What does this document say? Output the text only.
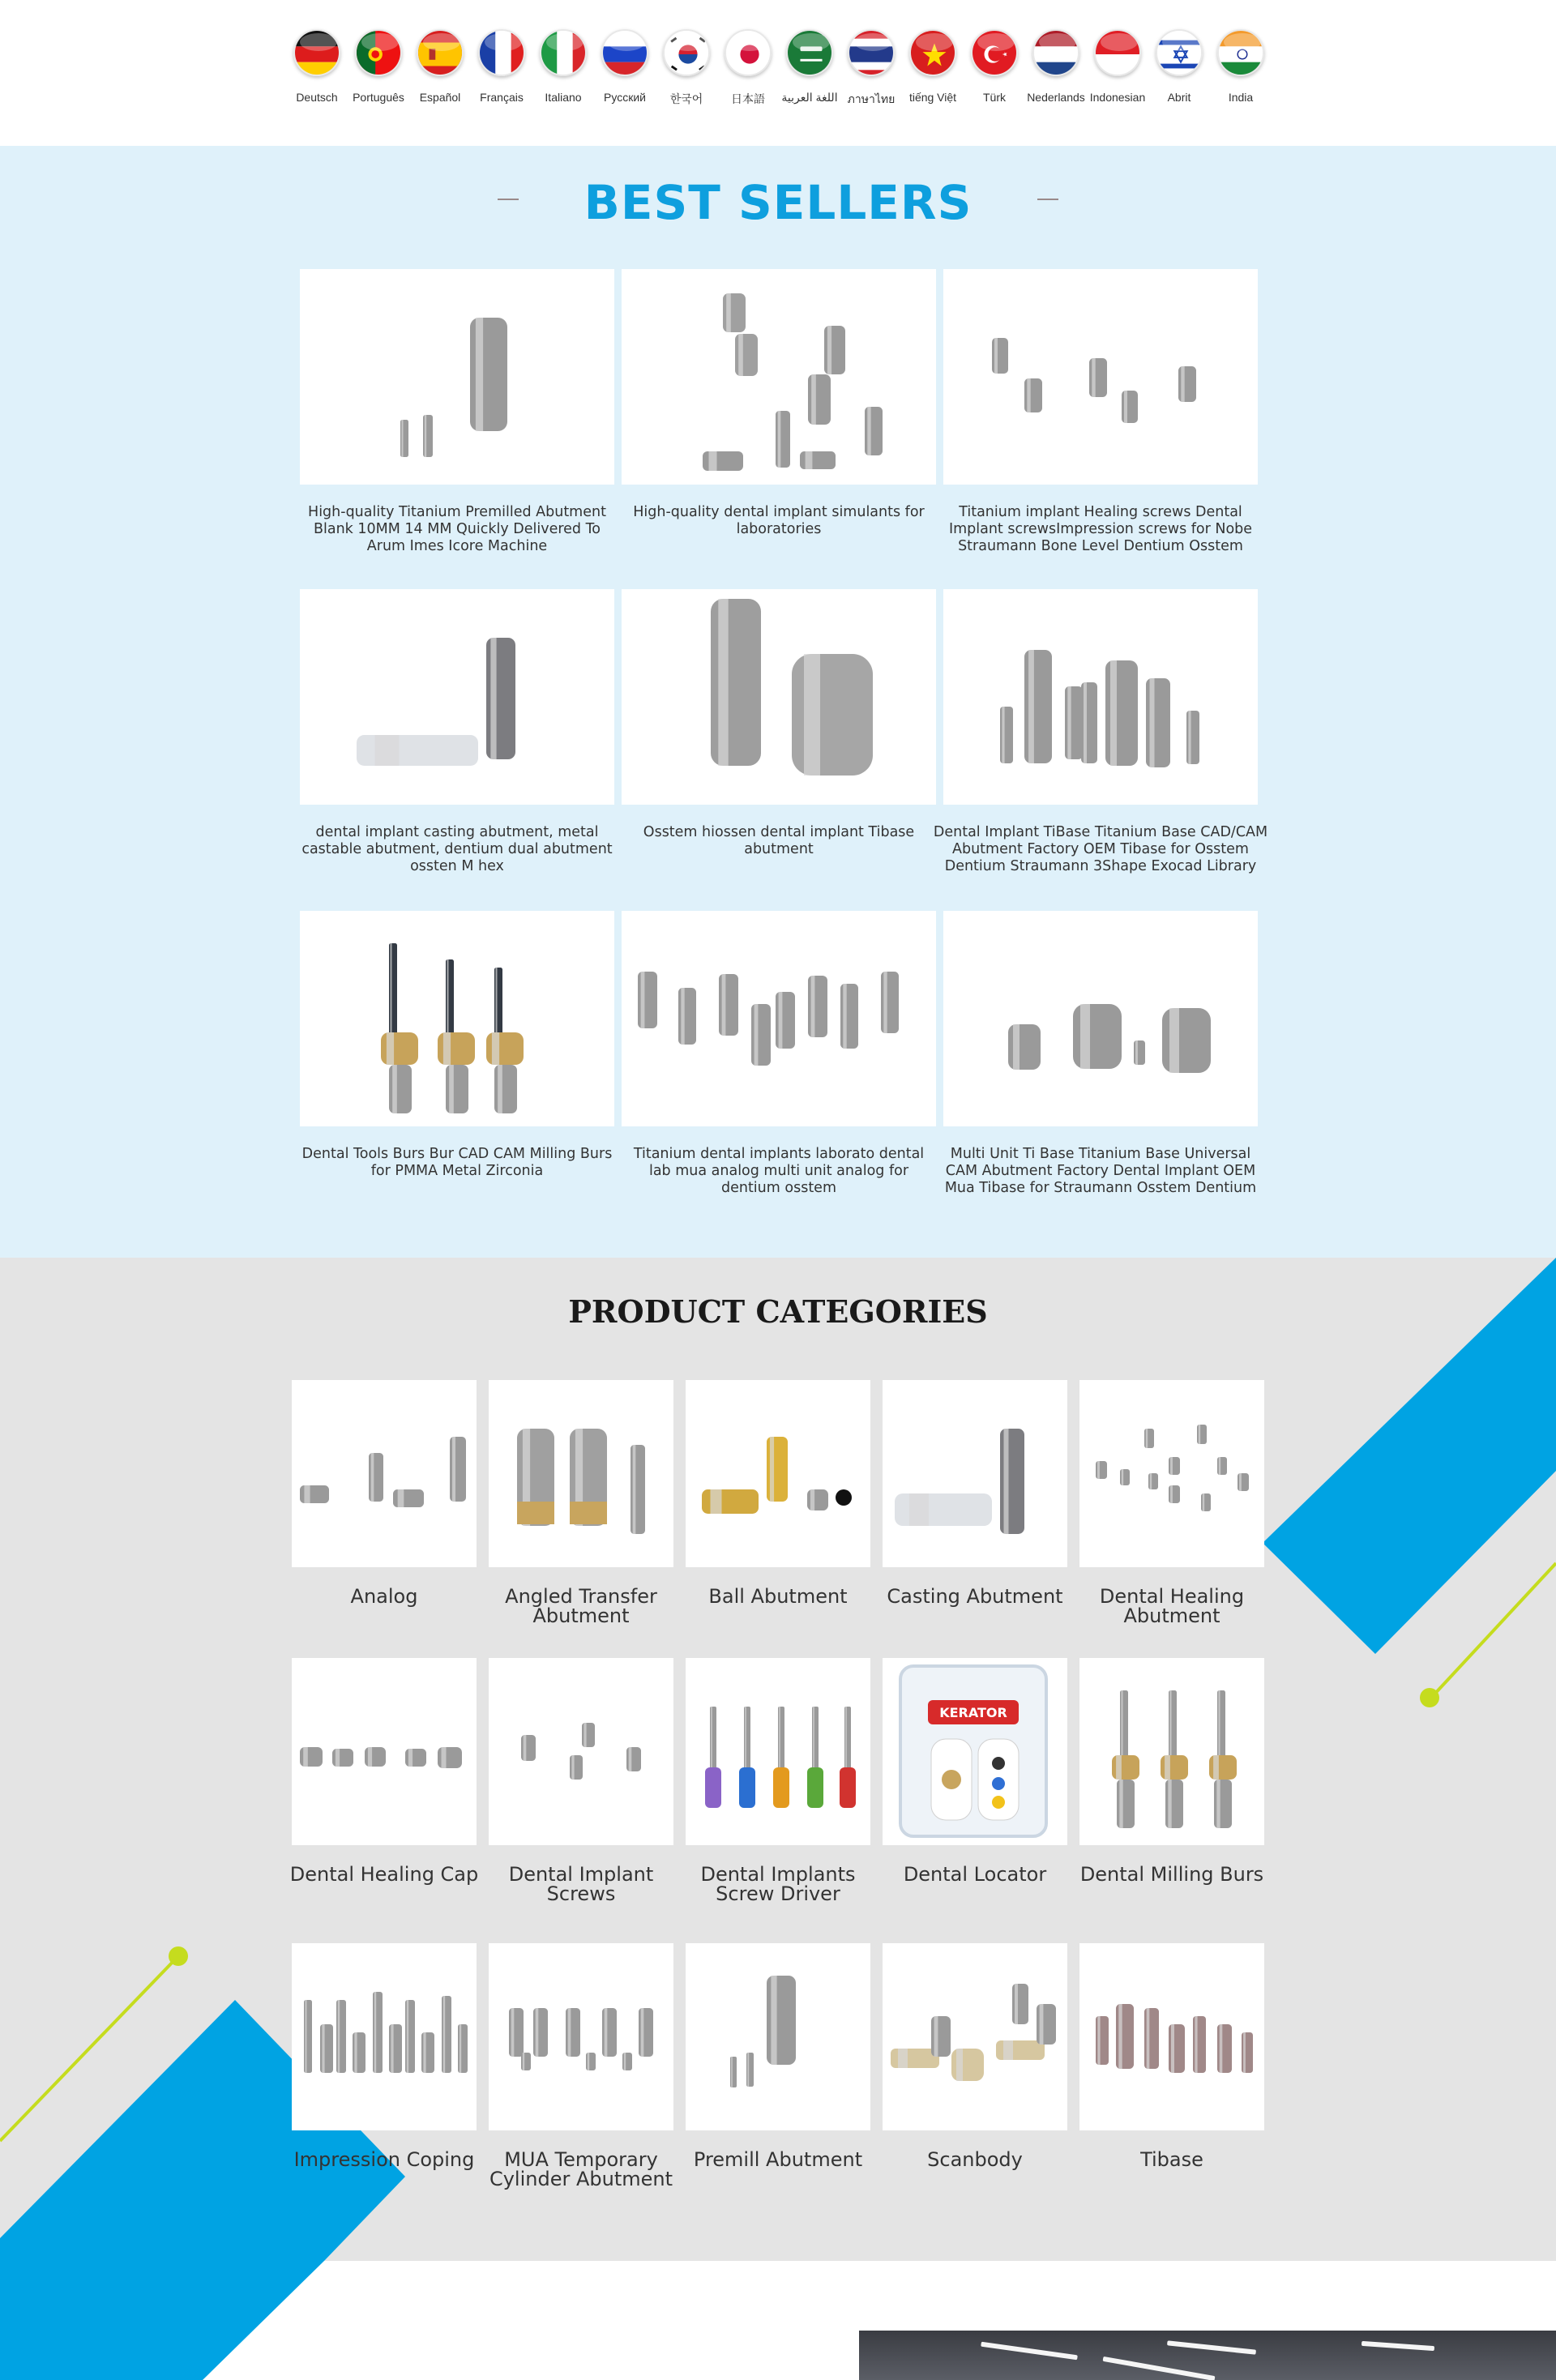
Deutsch Português Español Français Italiano Русский 한국어 日本語 اللغة العربية ภาษาไทย tiếng Việt Türk Nederlands Indonesian Abrit	India
BEST SELLERS
High-quality Titanium Premilled Abutment Blank 10MM 14 MM Quickly Delivered To Arum Imes Icore Machine
High-quality dental implant simulants for laboratories
Titanium implant Healing screws Dental Implant screwsImpression screws for Nobe Straumann Bone Level Dentium Osstem
dental implant casting abutment, metal castable abutment, dentium dual abutment ossten M hex
Osstem hiossen dental implant Tibase abutment
Dental Implant TiBase Titanium Base CAD/CAM Abutment Factory OEM Tibase for Osstem Dentium Straumann 3Shape Exocad Library
Dental Tools Burs Bur CAD CAM Milling Burs for PMMA Metal Zirconia
Titanium dental implants laborato dental lab mua analog multi unit analog for dentium osstem
Multi Unit Ti Base Titanium Base Universal CAM Abutment Factory Dental Implant OEM Mua Tibase for Straumann Osstem Dentium
PRODUCT CATEGORIES
Analog	Angled Transfer Abutment
Ball Abutment	Casting Abutment	Dental Healing Abutment
Dental Healing Cap	Dental Implant Screws
Dental Implants Screw Driver
KERATOR
Dental Locator	Dental Milling Burs
Impression Coping	MUA Temporary Cylinder Abutment
Premill Abutment	Scanbody	Tibase
